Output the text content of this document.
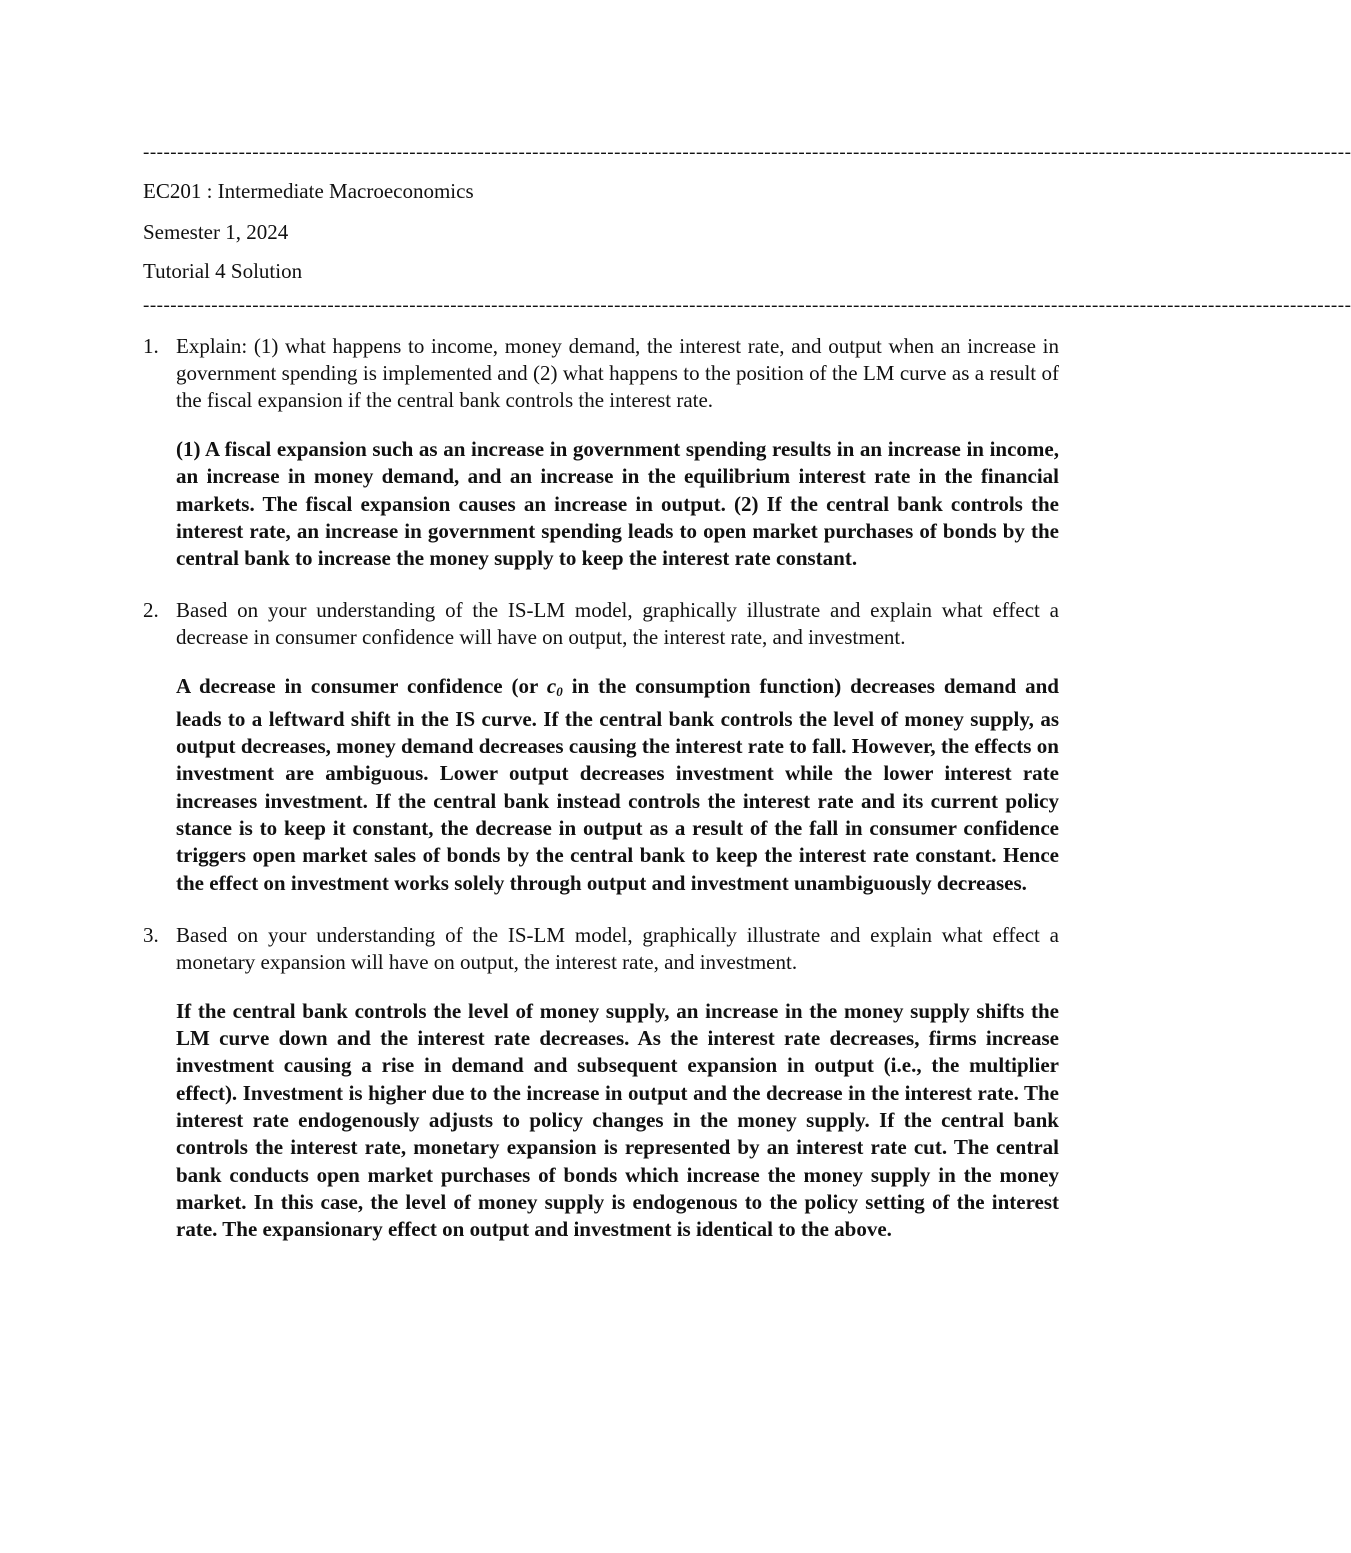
---------------------------------------------------------------------------------------------------------------------------------------------------------------------------------
EC201 : Intermediate Macroeconomics
Semester 1, 2024
Tutorial 4 Solution
---------------------------------------------------------------------------------------------------------------------------------------------------------------------------------
1. Explain: (1) what happens to income, money demand, the interest rate, and output when an increase in government spending is implemented and (2) what happens to the position of the LM curve as a result of the fiscal expansion if the central bank controls the interest rate.

(1) A fiscal expansion such as an increase in government spending results in an increase in income, an increase in money demand, and an increase in the equilibrium interest rate in the financial markets. The fiscal expansion causes an increase in output. (2) If the central bank controls the interest rate, an increase in government spending leads to open market purchases of bonds by the central bank to increase the money supply to keep the interest rate constant.

2. Based on your understanding of the IS-LM model, graphically illustrate and explain what effect a decrease in consumer confidence will have on output, the interest rate, and investment.

A decrease in consumer confidence (or $c_0$ in the consumption function) decreases demand and leads to a leftward shift in the IS curve. If the central bank controls the level of money supply, as output decreases, money demand decreases causing the interest rate to fall. However, the effects on investment are ambiguous. Lower output decreases investment while the lower interest rate increases investment. If the central bank instead controls the interest rate and its current policy stance is to keep it constant, the decrease in output as a result of the fall in consumer confidence triggers open market sales of bonds by the central bank to keep the interest rate constant. Hence the effect on investment works solely through output and investment unambiguously decreases.

3. Based on your understanding of the IS-LM model, graphically illustrate and explain what effect a monetary expansion will have on output, the interest rate, and investment.

If the central bank controls the level of money supply, an increase in the money supply shifts the LM curve down and the interest rate decreases. As the interest rate decreases, firms increase investment causing a rise in demand and subsequent expansion in output (i.e., the multiplier effect). Investment is higher due to the increase in output and the decrease in the interest rate. The interest rate endogenously adjusts to policy changes in the money supply. If the central bank controls the interest rate, monetary expansion is represented by an interest rate cut. The central bank conducts open market purchases of bonds which increase the money supply in the money market. In this case, the level of money supply is endogenous to the policy setting of the interest rate. The expansionary effect on output and investment is identical to the above.
